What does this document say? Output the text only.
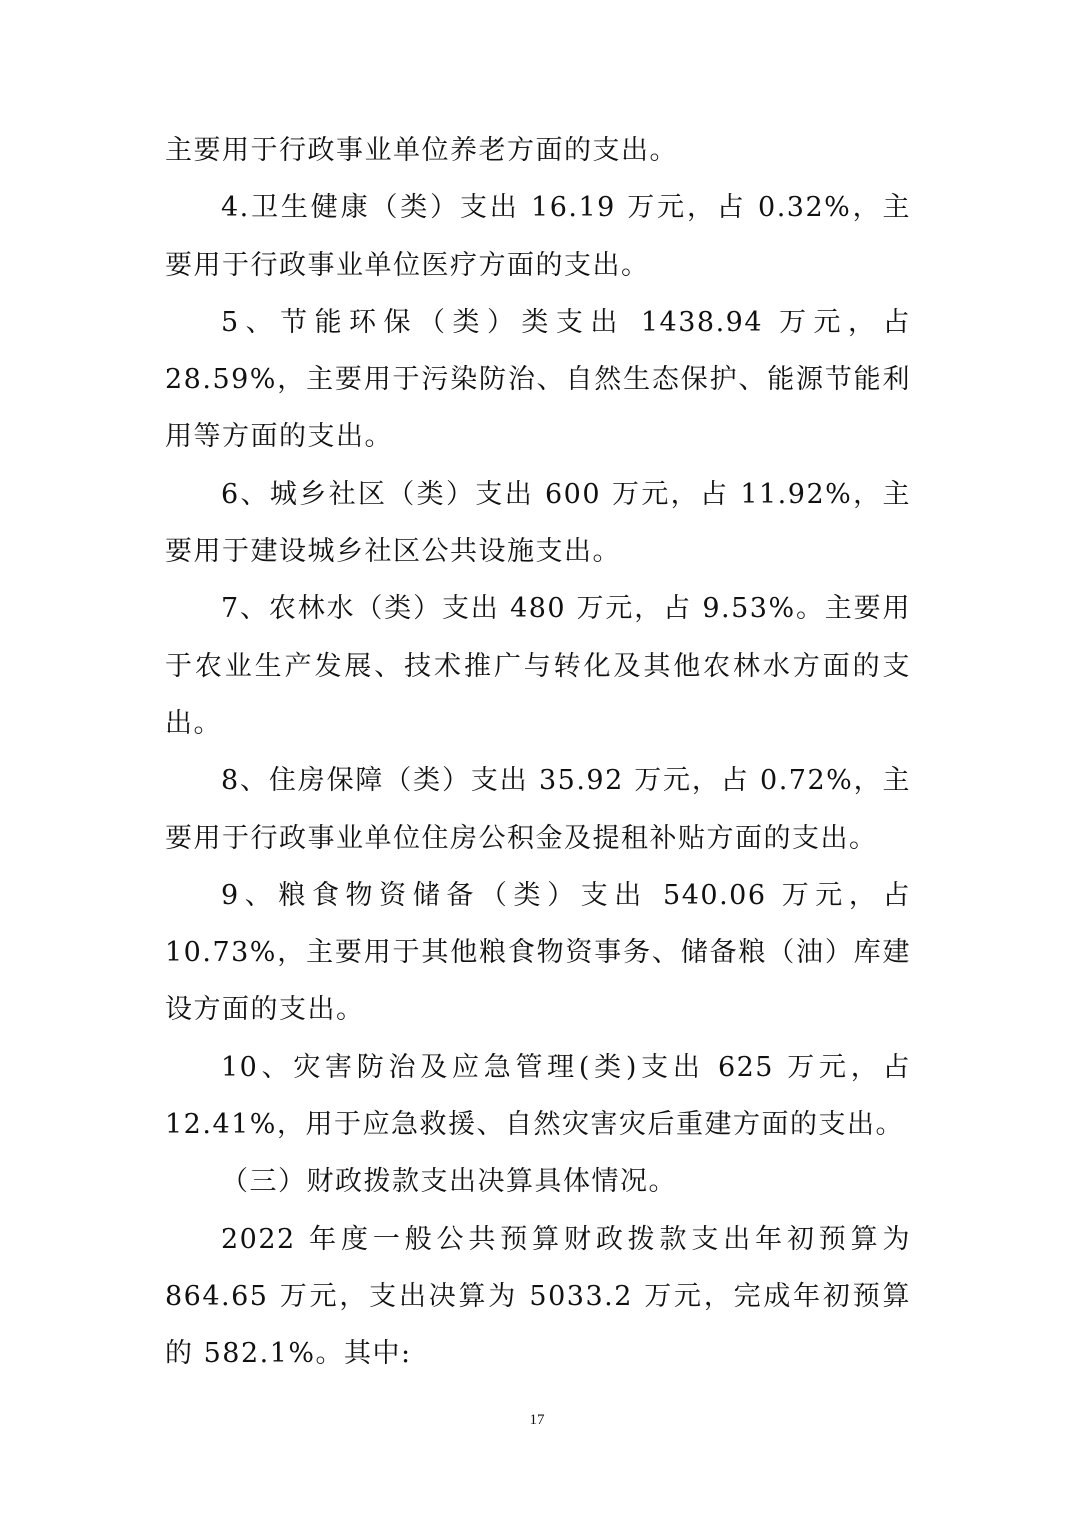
主要用于行政事业单位养老方面的支出。

4.卫生健康（类）支出 16.19 万元，占 0.32%，主要用于行政事业单位医疗方面的支出。

5、节能环保（类）类支出 1438.94 万元，占 28.59%，主要用于污染防治、自然生态保护、能源节能利用等方面的支出。

6、城乡社区（类）支出 600 万元，占 11.92%，主要用于建设城乡社区公共设施支出。

7、农林水（类）支出 480 万元，占 9.53%。主要用于农业生产发展、技术推广与转化及其他农林水方面的支出。

8、住房保障（类）支出 35.92 万元，占 0.72%，主要用于行政事业单位住房公积金及提租补贴方面的支出。

9、粮食物资储备（类）支出 540.06 万元，占 10.73%，主要用于其他粮食物资事务、储备粮（油）库建设方面的支出。

10、灾害防治及应急管理(类)支出 625 万元，占 12.41%，用于应急救援、自然灾害灾后重建方面的支出。

（三）财政拨款支出决算具体情况。

2022 年度一般公共预算财政拨款支出年初预算为 864.65 万元，支出决算为 5033.2 万元，完成年初预算的 582.1%。其中:

17
